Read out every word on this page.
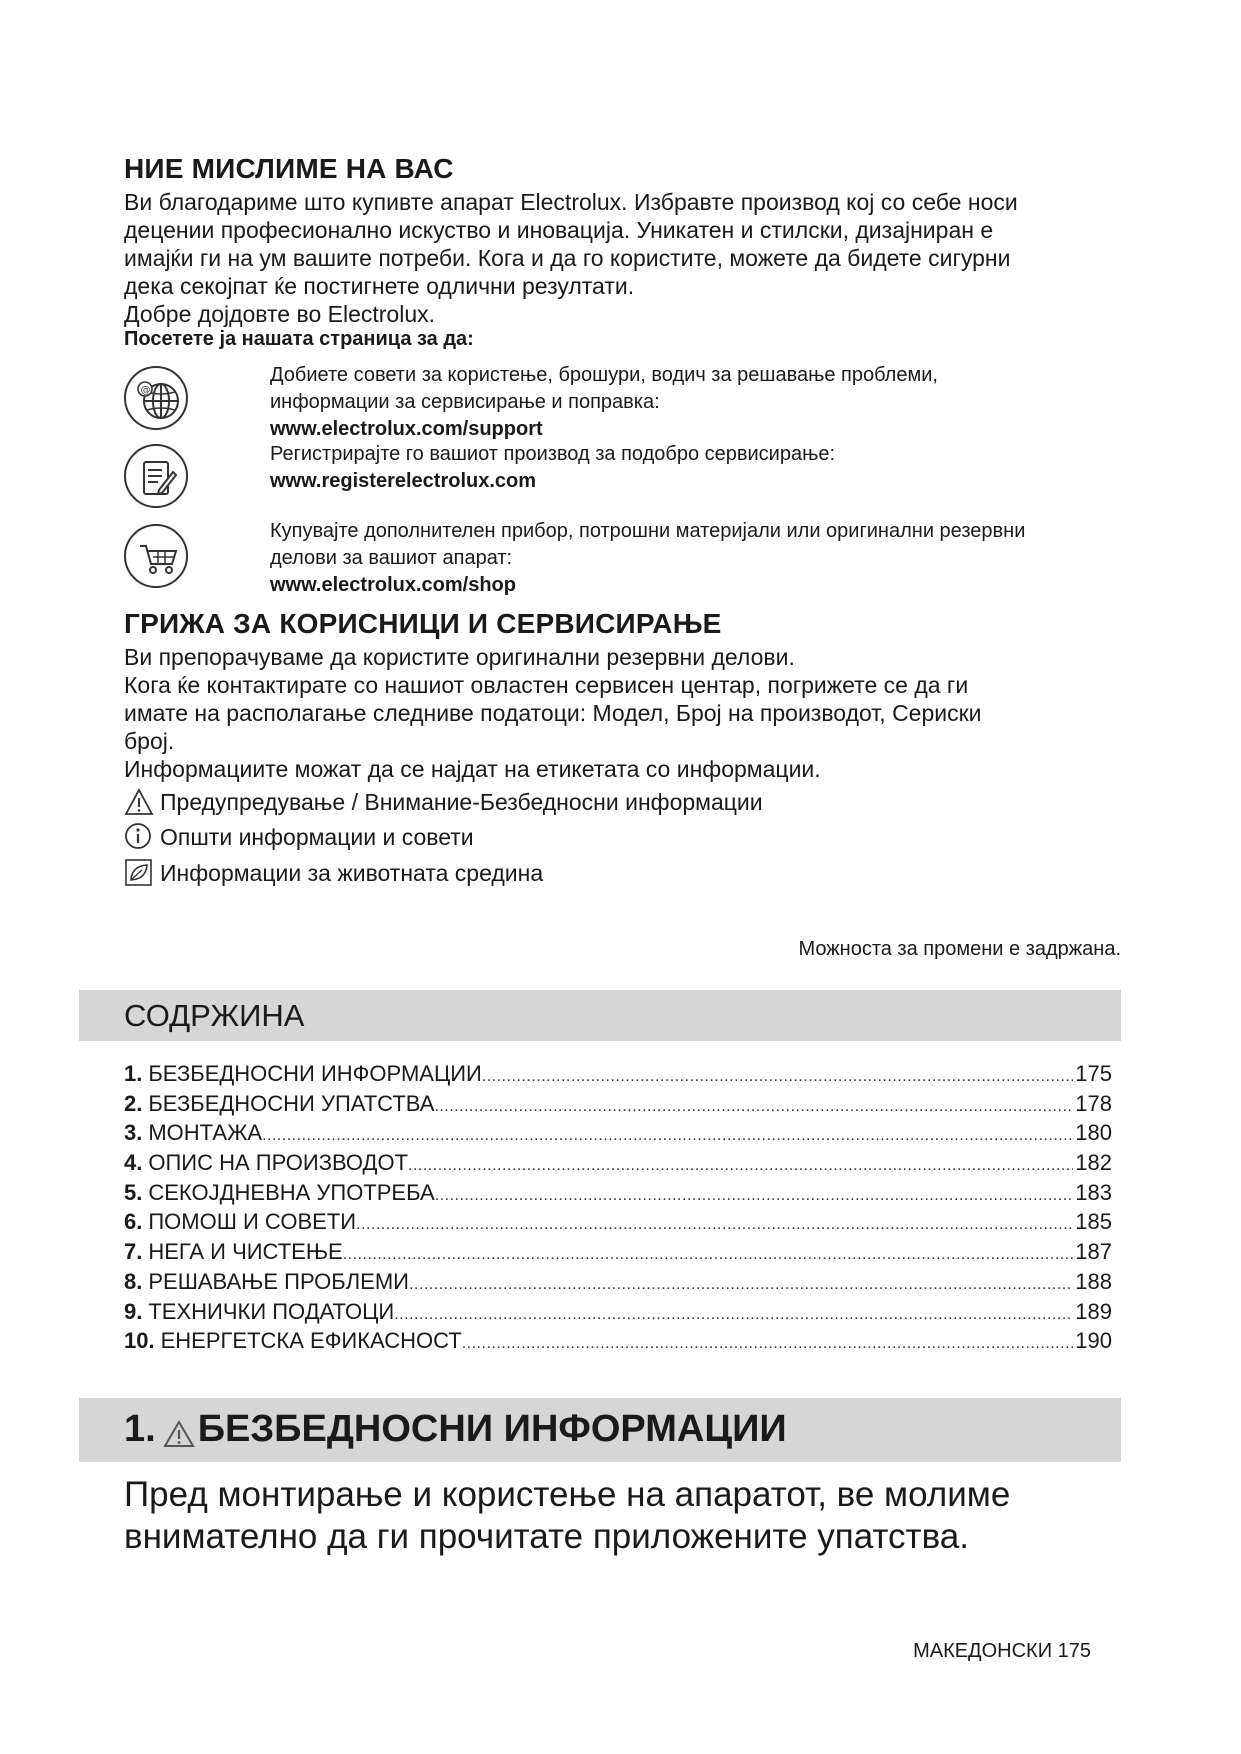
НИЕ МИСЛИМЕ НА ВАС

Ви благодариме што купивте апарат Electrolux. Избравте производ кој со себе носи

децении професионално искуство и иновација. Уникатен и стилски, дизајниран е

имајќи ги на ум вашите потреби. Кога и да го користите, можете да бидете сигурни

дека секојпат ќе постигнете одлични резултати.

Добре дојдовте во Electrolux.

Посетете ја нашата страница за да:
@

Добиете совети за користење, брошури, водич за решавање проблеми,

информации за сервисирање и поправка:

www.electrolux.com/support

Регистрирајте го вашиот производ за подобро сервисирање:

www.registerelectrolux.com

Купувајте дополнителен прибор, потрошни материјали или оригинални резервни

делови за вашиот апарат:

www.electrolux.com/shop

ГРИЖА ЗА КОРИСНИЦИ И СЕРВИСИРАЊЕ

Ви препорачуваме да користите оригинални резервни делови.

Кога ќе контактирате со нашиот овластен сервисен центар, погрижете се да ги

имате на располагање следниве податоци: Модел, Број на производот, Сериски

број.

Информациите можат да се најдат на етикетата со информации.

Предупредување / Внимание-Безбедносни информации
Општи информации и совети
Информации за животната средина
Можноста за промени е задржана.
СОДРЖИНА
1. БЕЗБЕДНОСНИ ИНФОРМАЦИИ .....	175
2. БЕЗБЕДНОСНИ УПАТСТВА .....	178
3. МОНТАЖА .....	180
4. ОПИС НА ПРОИЗВОДОТ .....	182
5. СЕКОЈДНЕВНА УПОТРЕБА .....	183
6. ПОМОШ И СОВЕТИ .....	185
7. НЕГА И ЧИСТЕЊЕ .....	187
8. РЕШАВАЊЕ ПРОБЛЕМИ .....	188
9. ТЕХНИЧКИ ПОДАТОЦИ .....	189
10. ЕНЕРГЕТСКА ЕФИКАСНОСТ .....	190
1. БЕЗБЕДНОСНИ ИНФОРМАЦИИ
Пред монтирање и користење на апаратот, ве молиме
внимателно да ги прочитате приложените упатства.
МАКЕДОНСКИ 175
